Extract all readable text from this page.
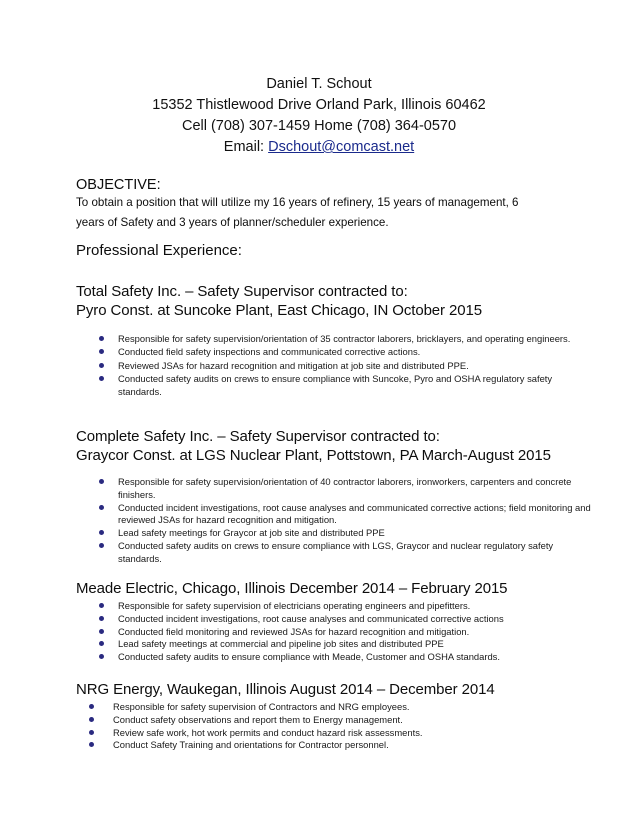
Daniel T. Schout
15352 Thistlewood Drive Orland Park, Illinois 60462
Cell (708) 307-1459 Home (708) 364-0570
Email: Dschout@comcast.net
OBJECTIVE:
To obtain a position that will utilize my 16 years of refinery, 15 years of management, 6
years of Safety and 3 years of planner/scheduler experience.
Professional Experience:
Total Safety Inc. – Safety Supervisor contracted to:
Pyro Const. at Suncoke Plant, East Chicago, IN October 2015
Responsible for safety supervision/orientation of 35 contractor laborers, bricklayers, and operating engineers.
Conducted field safety inspections and communicated corrective actions.
Reviewed JSAs for hazard recognition and mitigation at job site and distributed PPE.
Conducted safety audits on crews to ensure compliance with Suncoke, Pyro and OSHA regulatory safety standards.
Complete Safety Inc. – Safety Supervisor contracted to:
Graycor Const. at LGS Nuclear Plant, Pottstown, PA March-August 2015
Responsible for safety supervision/orientation of 40 contractor laborers, ironworkers, carpenters and concrete finishers.
Conducted incident investigations, root cause analyses and communicated corrective actions; field monitoring and reviewed JSAs for hazard recognition and mitigation.
Lead safety meetings for Graycor at job site and distributed PPE
Conducted safety audits on crews to ensure compliance with LGS, Graycor and nuclear regulatory safety standards.
Meade Electric, Chicago, Illinois December 2014 – February 2015
Responsible for safety supervision of electricians operating engineers and pipefitters.
Conducted incident investigations, root cause analyses and communicated corrective actions
Conducted field monitoring and reviewed JSAs for hazard recognition and mitigation.
Lead safety meetings at commercial and pipeline job sites and distributed PPE
Conducted safety audits to ensure compliance with Meade, Customer and OSHA standards.
NRG Energy, Waukegan, Illinois August 2014 – December 2014
Responsible for safety supervision of Contractors and NRG employees.
Conduct safety observations and report them to Energy management.
Review safe work, hot work permits and conduct hazard risk assessments.
Conduct Safety Training and orientations for Contractor personnel.
